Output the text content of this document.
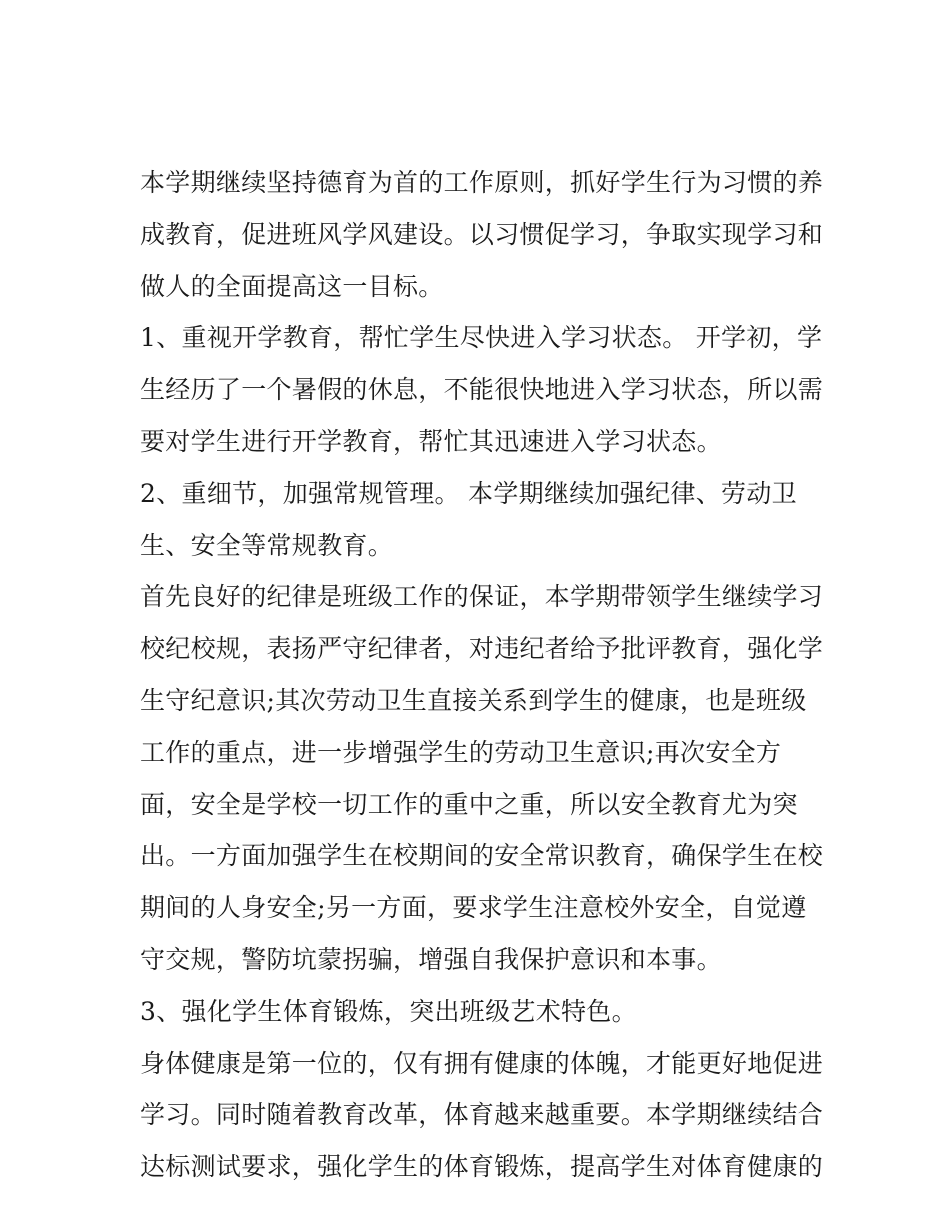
本学期继续坚持德育为首的工作原则，抓好学生行为习惯的养
成教育，促进班风学风建设。以习惯促学习，争取实现学习和
做人的全面提高这一目标。
1、重视开学教育，帮忙学生尽快进入学习状态。 开学初，学
生经历了一个暑假的休息，不能很快地进入学习状态，所以需
要对学生进行开学教育，帮忙其迅速进入学习状态。
2、重细节，加强常规管理。 本学期继续加强纪律、劳动卫
生、安全等常规教育。
首先良好的纪律是班级工作的保证，本学期带领学生继续学习
校纪校规，表扬严守纪律者，对违纪者给予批评教育，强化学
生守纪意识;其次劳动卫生直接关系到学生的健康，也是班级
工作的重点，进一步增强学生的劳动卫生意识;再次安全方
面，安全是学校一切工作的重中之重，所以安全教育尤为突
出。一方面加强学生在校期间的安全常识教育，确保学生在校
期间的人身安全;另一方面，要求学生注意校外安全，自觉遵
守交规，警防坑蒙拐骗，增强自我保护意识和本事。
3、强化学生体育锻炼，突出班级艺术特色。
身体健康是第一位的，仅有拥有健康的体魄，才能更好地促进
学习。同时随着教育改革，体育越来越重要。本学期继续结合
达标测试要求，强化学生的体育锻炼，提高学生对体育健康的
